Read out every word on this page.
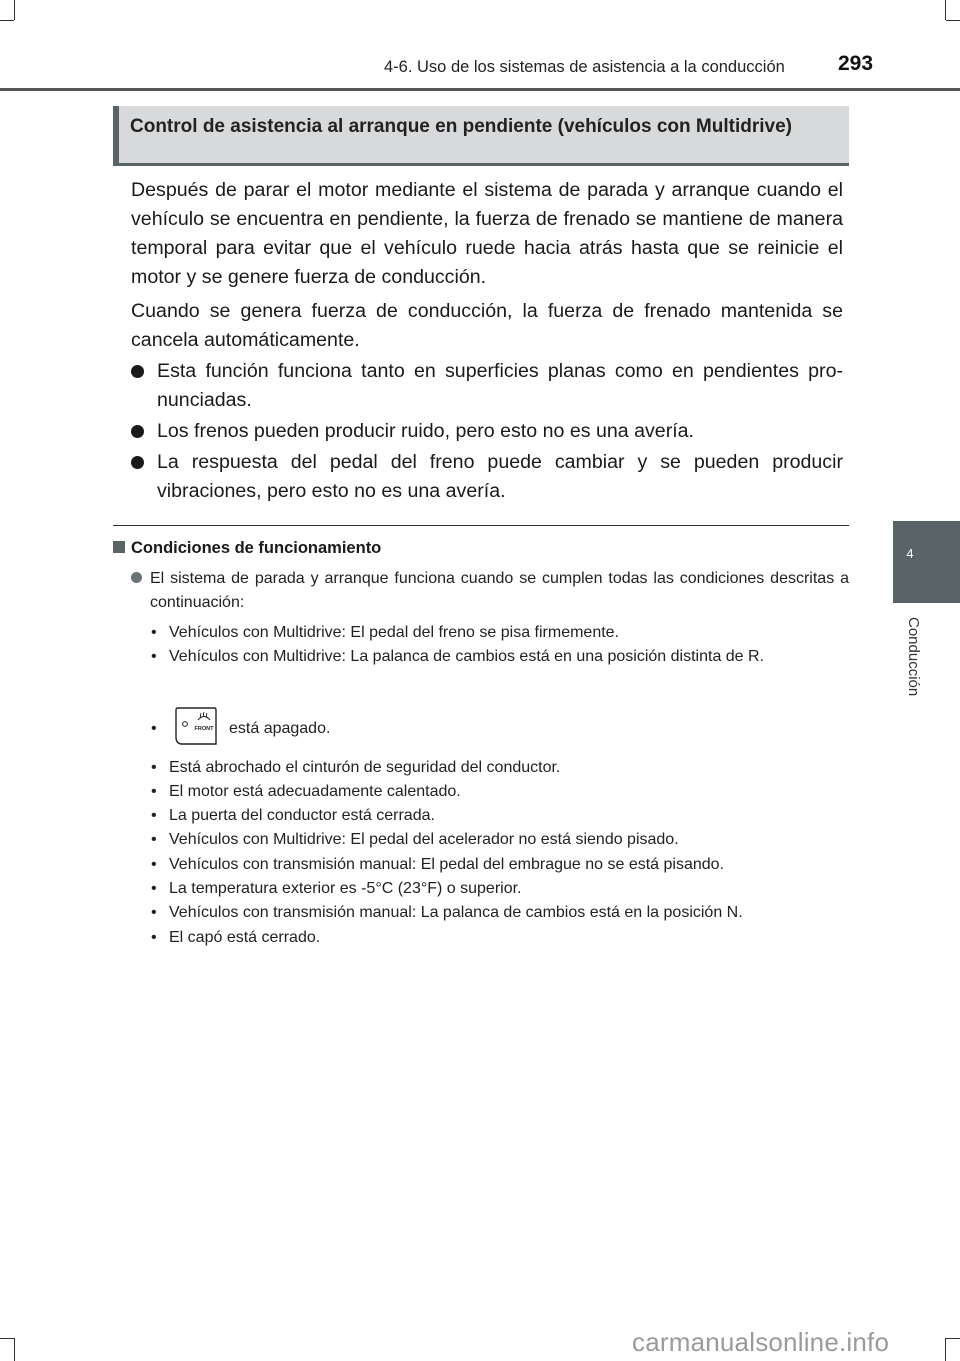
4-6. Uso de los sistemas de asistencia a la conducción	293
4
Conducción
Control de asistencia al arranque en pendiente (vehículos con Multidrive)
Después de parar el motor mediante el sistema de parada y arranque cuando el vehículo se encuentra en pendiente, la fuerza de frenado se mantiene de manera temporal para evitar que el vehículo ruede hacia atrás hasta que se reinicie el motor y se genere fuerza de conducción.
Cuando se genera fuerza de conducción, la fuerza de frenado mantenida se cancela automáticamente.
Esta función funciona tanto en superficies planas como en pendientes pro-nunciadas.
Los frenos pueden producir ruido, pero esto no es una avería.
La respuesta del pedal del freno puede cambiar y se pueden producir vibraciones, pero esto no es una avería.
Condiciones de funcionamiento
El sistema de parada y arranque funciona cuando se cumplen todas las condiciones descritas a continuación:
• Vehículos con Multidrive: El pedal del freno se pisa firmemente.
• Vehículos con Multidrive: La palanca de cambios está en una posición distinta de R.
•	FRONT está apagado.
• Está abrochado el cinturón de seguridad del conductor.
• El motor está adecuadamente calentado.
• La puerta del conductor está cerrada.
• Vehículos con Multidrive: El pedal del acelerador no está siendo pisado.
• Vehículos con transmisión manual: El pedal del embrague no se está pisando.
• La temperatura exterior es -5°C (23°F) o superior.
• Vehículos con transmisión manual: La palanca de cambios está en la posición N.
• El capó está cerrado.
carmanualsonline.info
